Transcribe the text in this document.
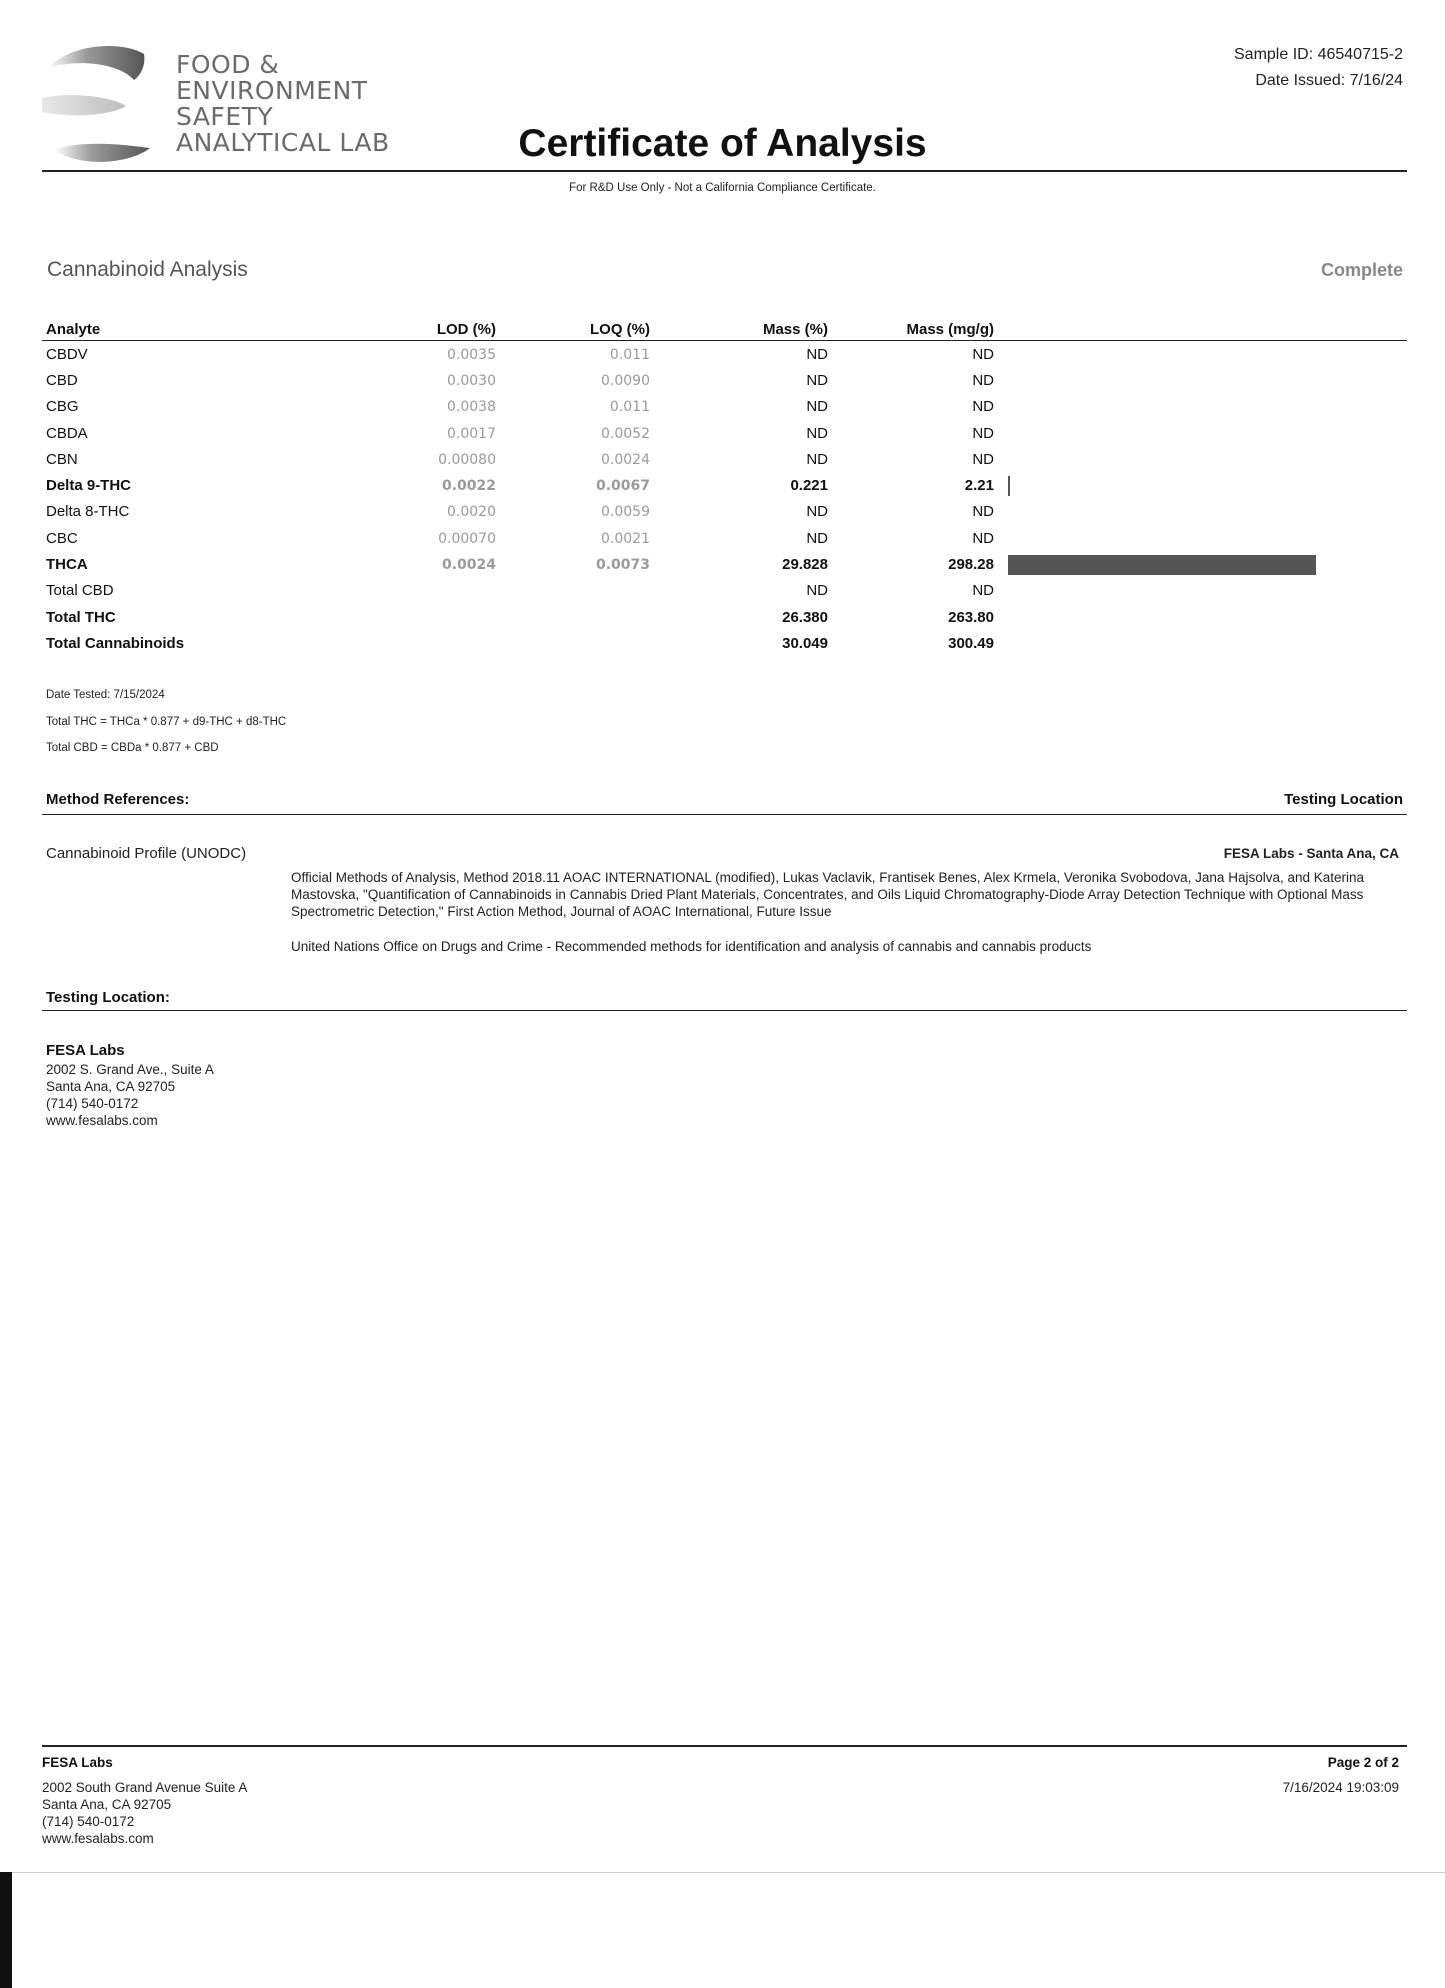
FOOD &
ENVIRONMENT
SAFETY
ANALYTICAL LAB	Certificate of Analysis
Sample ID: 46540715-2
Date Issued: 7/16/24
For R&D Use Only - Not a California Compliance Certificate.
Cannabinoid Analysis	Complete
Analyte	LOD (%)	LOQ (%)	Mass (%)	Mass (mg/g)	
CBDV	0.0035	0.011	ND	ND	
CBD	0.0030	0.0090	ND	ND	
CBG	0.0038	0.011	ND	ND	
CBDA	0.0017	0.0052	ND	ND	
CBN	0.00080	0.0024	ND	ND	
Delta 9-THC	0.0022	0.0067	0.221	2.21	
Delta 8-THC	0.0020	0.0059	ND	ND	
CBC	0.00070	0.0021	ND	ND	
THCA	0.0024	0.0073	29.828	298.28	
Total CBD			ND	ND	
Total THC			26.380	263.80	
Total Cannabinoids			30.049	300.49	
Date Tested: 7/15/2024
Total THC = THCa * 0.877 + d9-THC + d8-THC
Total CBD = CBDa * 0.877 + CBD
Method References:	Testing Location
Cannabinoid Profile (UNODC)	FESA Labs - Santa Ana, CA
Official Methods of Analysis, Method 2018.11 AOAC INTERNATIONAL (modified), Lukas Vaclavik, Frantisek Benes, Alex Krmela, Veronika Svobodova, Jana Hajsolva, and Katerina Mastovska, "Quantification of Cannabinoids in Cannabis Dried Plant Materials, Concentrates, and Oils Liquid Chromatography-Diode Array Detection Technique with Optional Mass Spectrometric Detection," First Action Method, Journal of AOAC International, Future Issue
United Nations Office on Drugs and Crime - Recommended methods for identification and analysis of cannabis and cannabis products
Testing Location:
FESA Labs
2002 S. Grand Ave., Suite A
Santa Ana, CA 92705
(714) 540-0172
www.fesalabs.com
FESA Labs
2002 South Grand Avenue Suite A
Santa Ana, CA 92705
(714) 540-0172
www.fesalabs.com
Page 2 of 2
7/16/2024 19:03:09
